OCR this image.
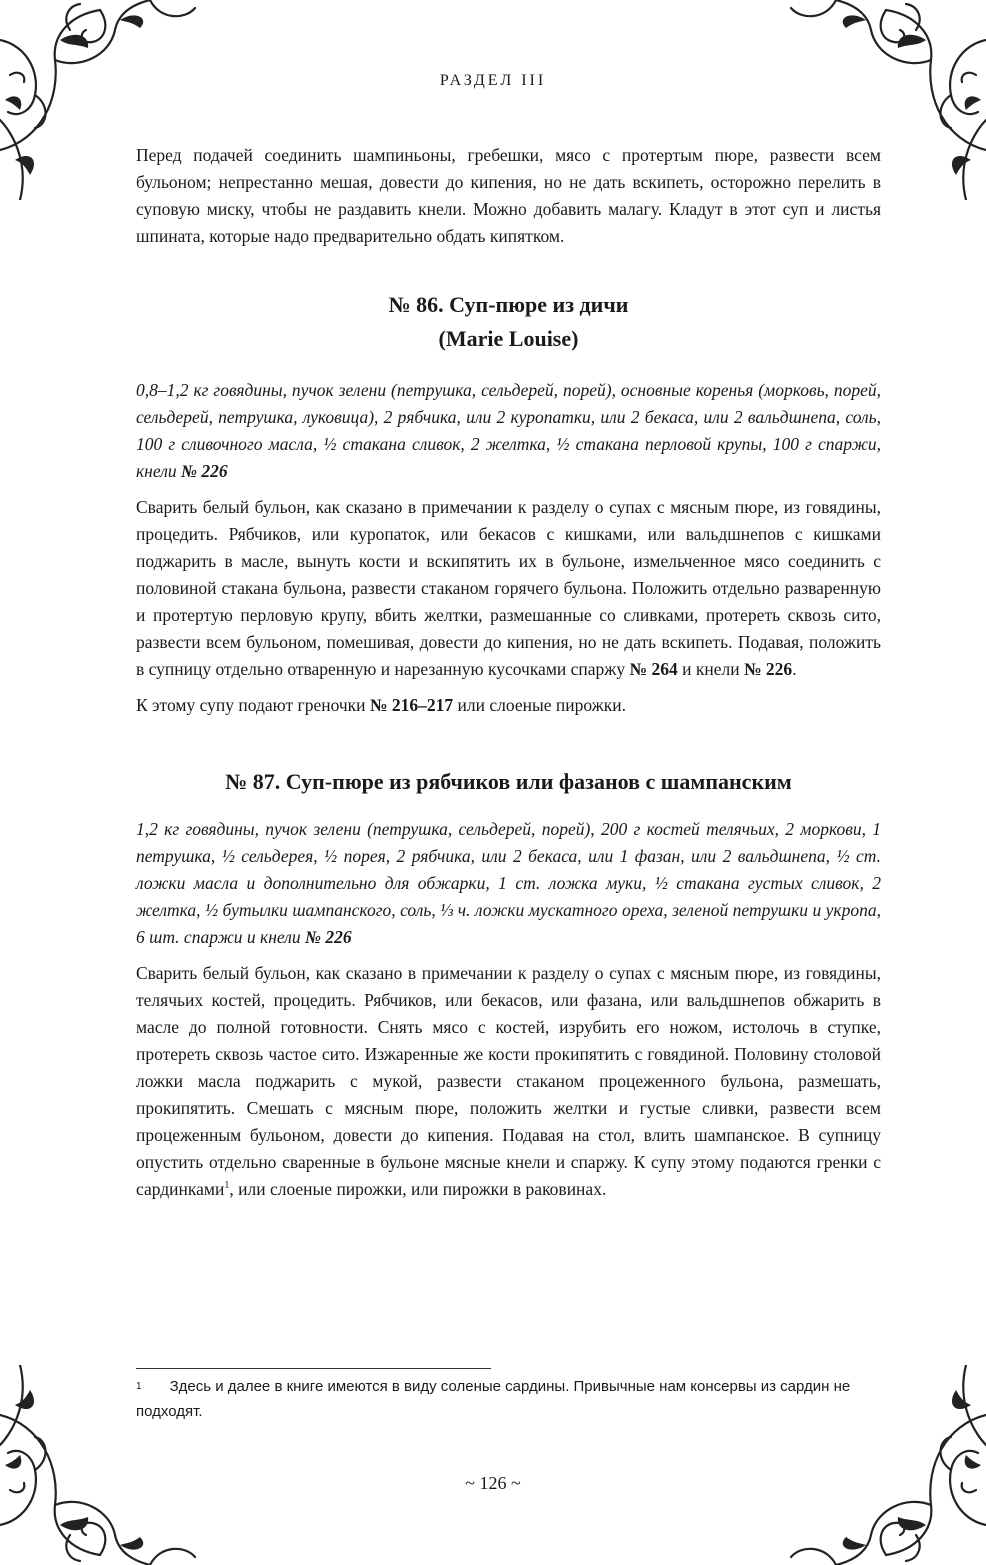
РАЗДЕЛ III

Перед подачей соединить шампиньоны, гребешки, мясо с протертым пюре, развести всем бульоном; непрестанно мешая, довести до кипения, но не дать вскипеть, осторожно перелить в суповую миску, чтобы не раздавить кнели. Можно добавить малагу. Кладут в этот суп и листья шпината, которые надо предварительно обдать кипятком.

№ 86. Суп-пюре из дичи

(Marie Louise)

0,8–1,2 кг говядины, пучок зелени (петрушка, сельдерей, порей), основные коренья (морковь, порей, сельдерей, петрушка, луковица), 2 рябчика, или 2 куропатки, или 2 бекаса, или 2 вальдшнепа, соль, 100 г сливочного масла, ½ стакана сливок, 2 желтка, ½ стакана перловой крупы, 100 г спаржи, кнели № 226

Сварить белый бульон, как сказано в примечании к разделу о супах с мясным пюре, из говядины, процедить. Рябчиков, или куропаток, или бекасов с кишками, или вальдшнепов с кишками поджарить в масле, вынуть кости и вскипятить их в бульоне, измельченное мясо соединить с половиной стакана бульона, развести стаканом горячего бульона. Положить отдельно разваренную и протертую перловую крупу, вбить желтки, размешанные со сливками, протереть сквозь сито, развести всем бульоном, помешивая, довести до кипения, но не дать вскипеть. Подавая, положить в супницу отдельно отваренную и нарезанную кусочками спаржу № 264 и кнели № 226.

К этому супу подают греночки № 216–217 или слоеные пирожки.

№ 87. Суп-пюре из рябчиков или фазанов с шампанским

1,2 кг говядины, пучок зелени (петрушка, сельдерей, порей), 200 г костей телячьих, 2 моркови, 1 петрушка, ½ сельдерея, ½ порея, 2 рябчика, или 2 бекаса, или 1 фазан, или 2 вальдшнепа, ½ ст. ложки масла и дополнительно для обжарки, 1 ст. ложка муки, ½ стакана густых сливок, 2 желтка, ½ бутылки шампанского, соль, ⅓ ч. ложки мускатного ореха, зеленой петрушки и укропа, 6 шт. спаржи и кнели № 226

Сварить белый бульон, как сказано в примечании к разделу о супах с мясным пюре, из говядины, телячьих костей, процедить. Рябчиков, или бекасов, или фазана, или вальдшнепов обжарить в масле до полной готовности. Снять мясо с костей, изрубить его ножом, истолочь в ступке, протереть сквозь частое сито. Изжаренные же кости прокипятить с говядиной. Половину столовой ложки масла поджарить с мукой, развести стаканом процеженного бульона, размешать, прокипятить. Смешать с мясным пюре, положить желтки и густые сливки, развести всем процеженным бульоном, довести до кипения. Подавая на стол, влить шампанское. В супницу опустить отдельно сваренные в бульоне мясные кнели и спаржу. К супу этому подаются гренки с сардинками$^1$, или слоеные пирожки, или пирожки в раковинах.

$^1$ Здесь и далее в книге имеются в виду соленые сардины. Привычные нам консервы из сардин не подходят.
~ 126 ~
